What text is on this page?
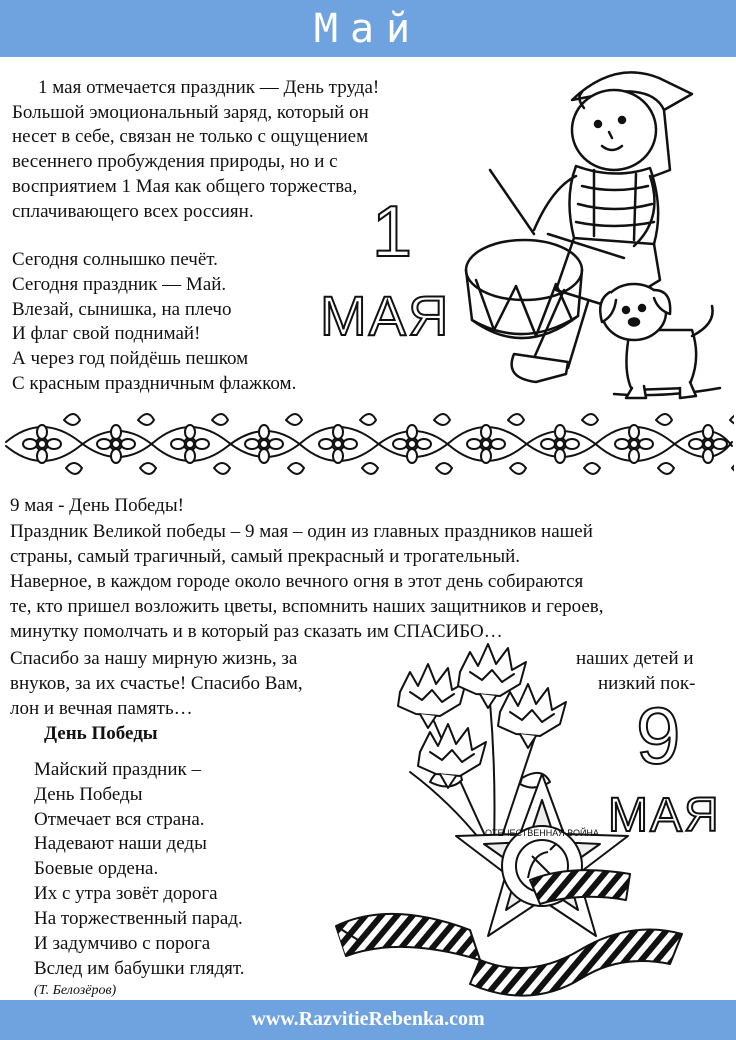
Май
1 мая отмечается праздник — День труда!
Большой эмоциональный заряд, который он
несет в себе, связан не только с ощущением
весеннего пробуждения природы, но и с
восприятием 1 Мая как общего торжества,
сплачивающего всех россиян.
Сегодня солнышко печёт.
Сегодня праздник — Май.
Влезай, сынишка, на плечо
И флаг свой поднимай!
А через год пойдёшь пешком
С красным праздничным флажком.
1
МАЯ
9 мая - День Победы!
Праздник Великой победы – 9 мая – один из главных праздников нашей
страны, самый трагичный, самый прекрасный и трогательный.
Наверное, в каждом городе около вечного огня в этот день собираются
те, кто пришел возложить цветы, вспомнить наших защитников и героев,
минутку помолчать и в который раз сказать им СПАСИБО…
Спасибо за нашу мирную жизнь, за
внуков, за их счастье! Спасибо Вам,
лон и вечная память…
наших детей и
низкий пок-
День Победы
Майский праздник –
День Победы
Отмечает вся страна.
Надевают наши деды
Боевые ордена.
Их с утра зовёт дорога
На торжественный парад.
И задумчиво с порога
Вслед им бабушки глядят.
(Т. Белозёров)
9
МАЯ
ОТЕЧЕСТВЕННАЯ ВОЙНА
www.RazvitieRebenka.com
